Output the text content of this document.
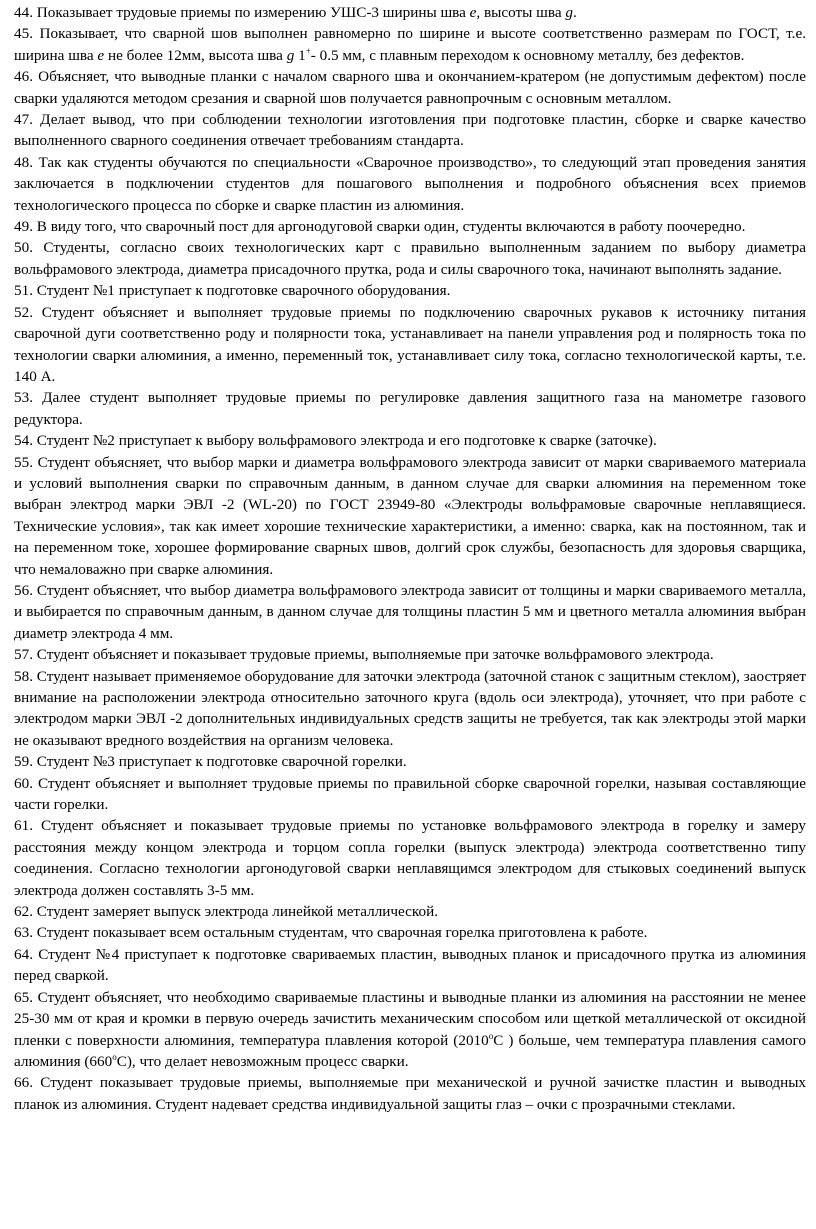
44. Показывает трудовые приемы по измерению УШС-3 ширины шва е, высоты шва g.

45. Показывает, что сварной шов выполнен равномерно по ширине и высоте соответственно размерам по ГОСТ, т.е. ширина шва е не более 12мм, высота шва g 1+- 0.5 мм, с плавным переходом к основному металлу, без дефектов.

46. Объясняет, что выводные планки с началом сварного шва и окончанием-кратером (не допустимым дефектом) после сварки удаляются методом срезания и сварной шов получается равнопрочным с основным металлом.

47. Делает вывод, что при соблюдении технологии изготовления при подготовке пластин, сборке и сварке качество выполненного сварного соединения отвечает требованиям стандарта.

48. Так как студенты обучаются по специальности «Сварочное производство», то следующий этап проведения занятия заключается в подключении студентов для пошагового выполнения и подробного объяснения всех приемов технологического процесса по сборке и сварке пластин из алюминия.

49. В виду того, что сварочный пост для аргонодуговой сварки один, студенты включаются в работу поочередно.

50. Студенты, согласно своих технологических карт с правильно выполненным заданием по выбору диаметра вольфрамового электрода, диаметра присадочного прутка, рода и силы сварочного тока, начинают выполнять задание.

51. Студент №1 приступает к подготовке сварочного оборудования.

52. Студент объясняет и выполняет трудовые приемы по подключению сварочных рукавов к источнику питания сварочной дуги соответственно роду и полярности тока, устанавливает на панели управления род и полярность тока по технологии сварки алюминия, а именно, переменный ток, устанавливает силу тока, согласно технологической карты, т.е. 140 А.

53. Далее студент выполняет трудовые приемы по регулировке давления защитного газа на манометре газового редуктора.

54. Студент №2 приступает к выбору вольфрамового электрода и его подготовке к сварке (заточке).

55. Студент объясняет, что выбор марки и диаметра вольфрамового электрода зависит от марки свариваемого материала и условий выполнения сварки по справочным данным, в данном случае для сварки алюминия на переменном токе выбран электрод марки ЭВЛ -2 (WL-20) по ГОСТ 23949-80 «Электроды вольфрамовые сварочные неплавящиеся. Технические условия», так как имеет хорошие технические характеристики, а именно: сварка, как на постоянном, так и на переменном токе, хорошее формирование сварных швов, долгий срок службы, безопасность для здоровья сварщика, что немаловажно при сварке алюминия.

56. Студент объясняет, что выбор диаметра вольфрамового электрода зависит от толщины и марки свариваемого металла, и выбирается по справочным данным, в данном случае для толщины пластин 5 мм и цветного металла алюминия выбран диаметр электрода 4 мм.

57. Студент объясняет и показывает трудовые приемы, выполняемые при заточке вольфрамового электрода.

58. Студент называет применяемое оборудование для заточки электрода (заточной станок с защитным стеклом), заостряет внимание на расположении электрода относительно заточного круга (вдоль оси электрода), уточняет, что при работе с электродом марки ЭВЛ -2 дополнительных индивидуальных средств защиты не требуется, так как электроды этой марки не оказывают вредного воздействия на организм человека.

59. Студент №3 приступает к подготовке сварочной горелки.

60. Студент объясняет и выполняет трудовые приемы по правильной сборке сварочной горелки, называя составляющие части горелки.

61. Студент объясняет и показывает трудовые приемы по установке вольфрамового электрода в горелку и замеру расстояния между концом электрода и торцом сопла горелки (выпуск электрода) электрода соответственно типу соединения. Согласно технологии аргонодуговой сварки неплавящимся электродом для стыковых соединений выпуск электрода должен составлять 3-5 мм.

62. Студент замеряет выпуск электрода линейкой металлической.

63. Студент показывает всем остальным студентам, что сварочная горелка приготовлена к работе.

64. Студент №4 приступает к подготовке свариваемых пластин, выводных планок и присадочного прутка из алюминия перед сваркой.

65. Студент объясняет, что необходимо свариваемые пластины и выводные планки из алюминия на расстоянии не менее 25-30 мм от края и кромки в первую очередь зачистить механическим способом или щеткой металлической от оксидной пленки с поверхности алюминия, температура плавления которой ($2010^оС$ ) больше, чем температура плавления самого алюминия $(660^оС)$, что делает невозможным процесс сварки.

66. Студент показывает трудовые приемы, выполняемые при механической и ручной зачистке пластин и выводных планок из алюминия. Студент надевает средства индивидуальной защиты глаз – очки с прозрачными стеклами.
